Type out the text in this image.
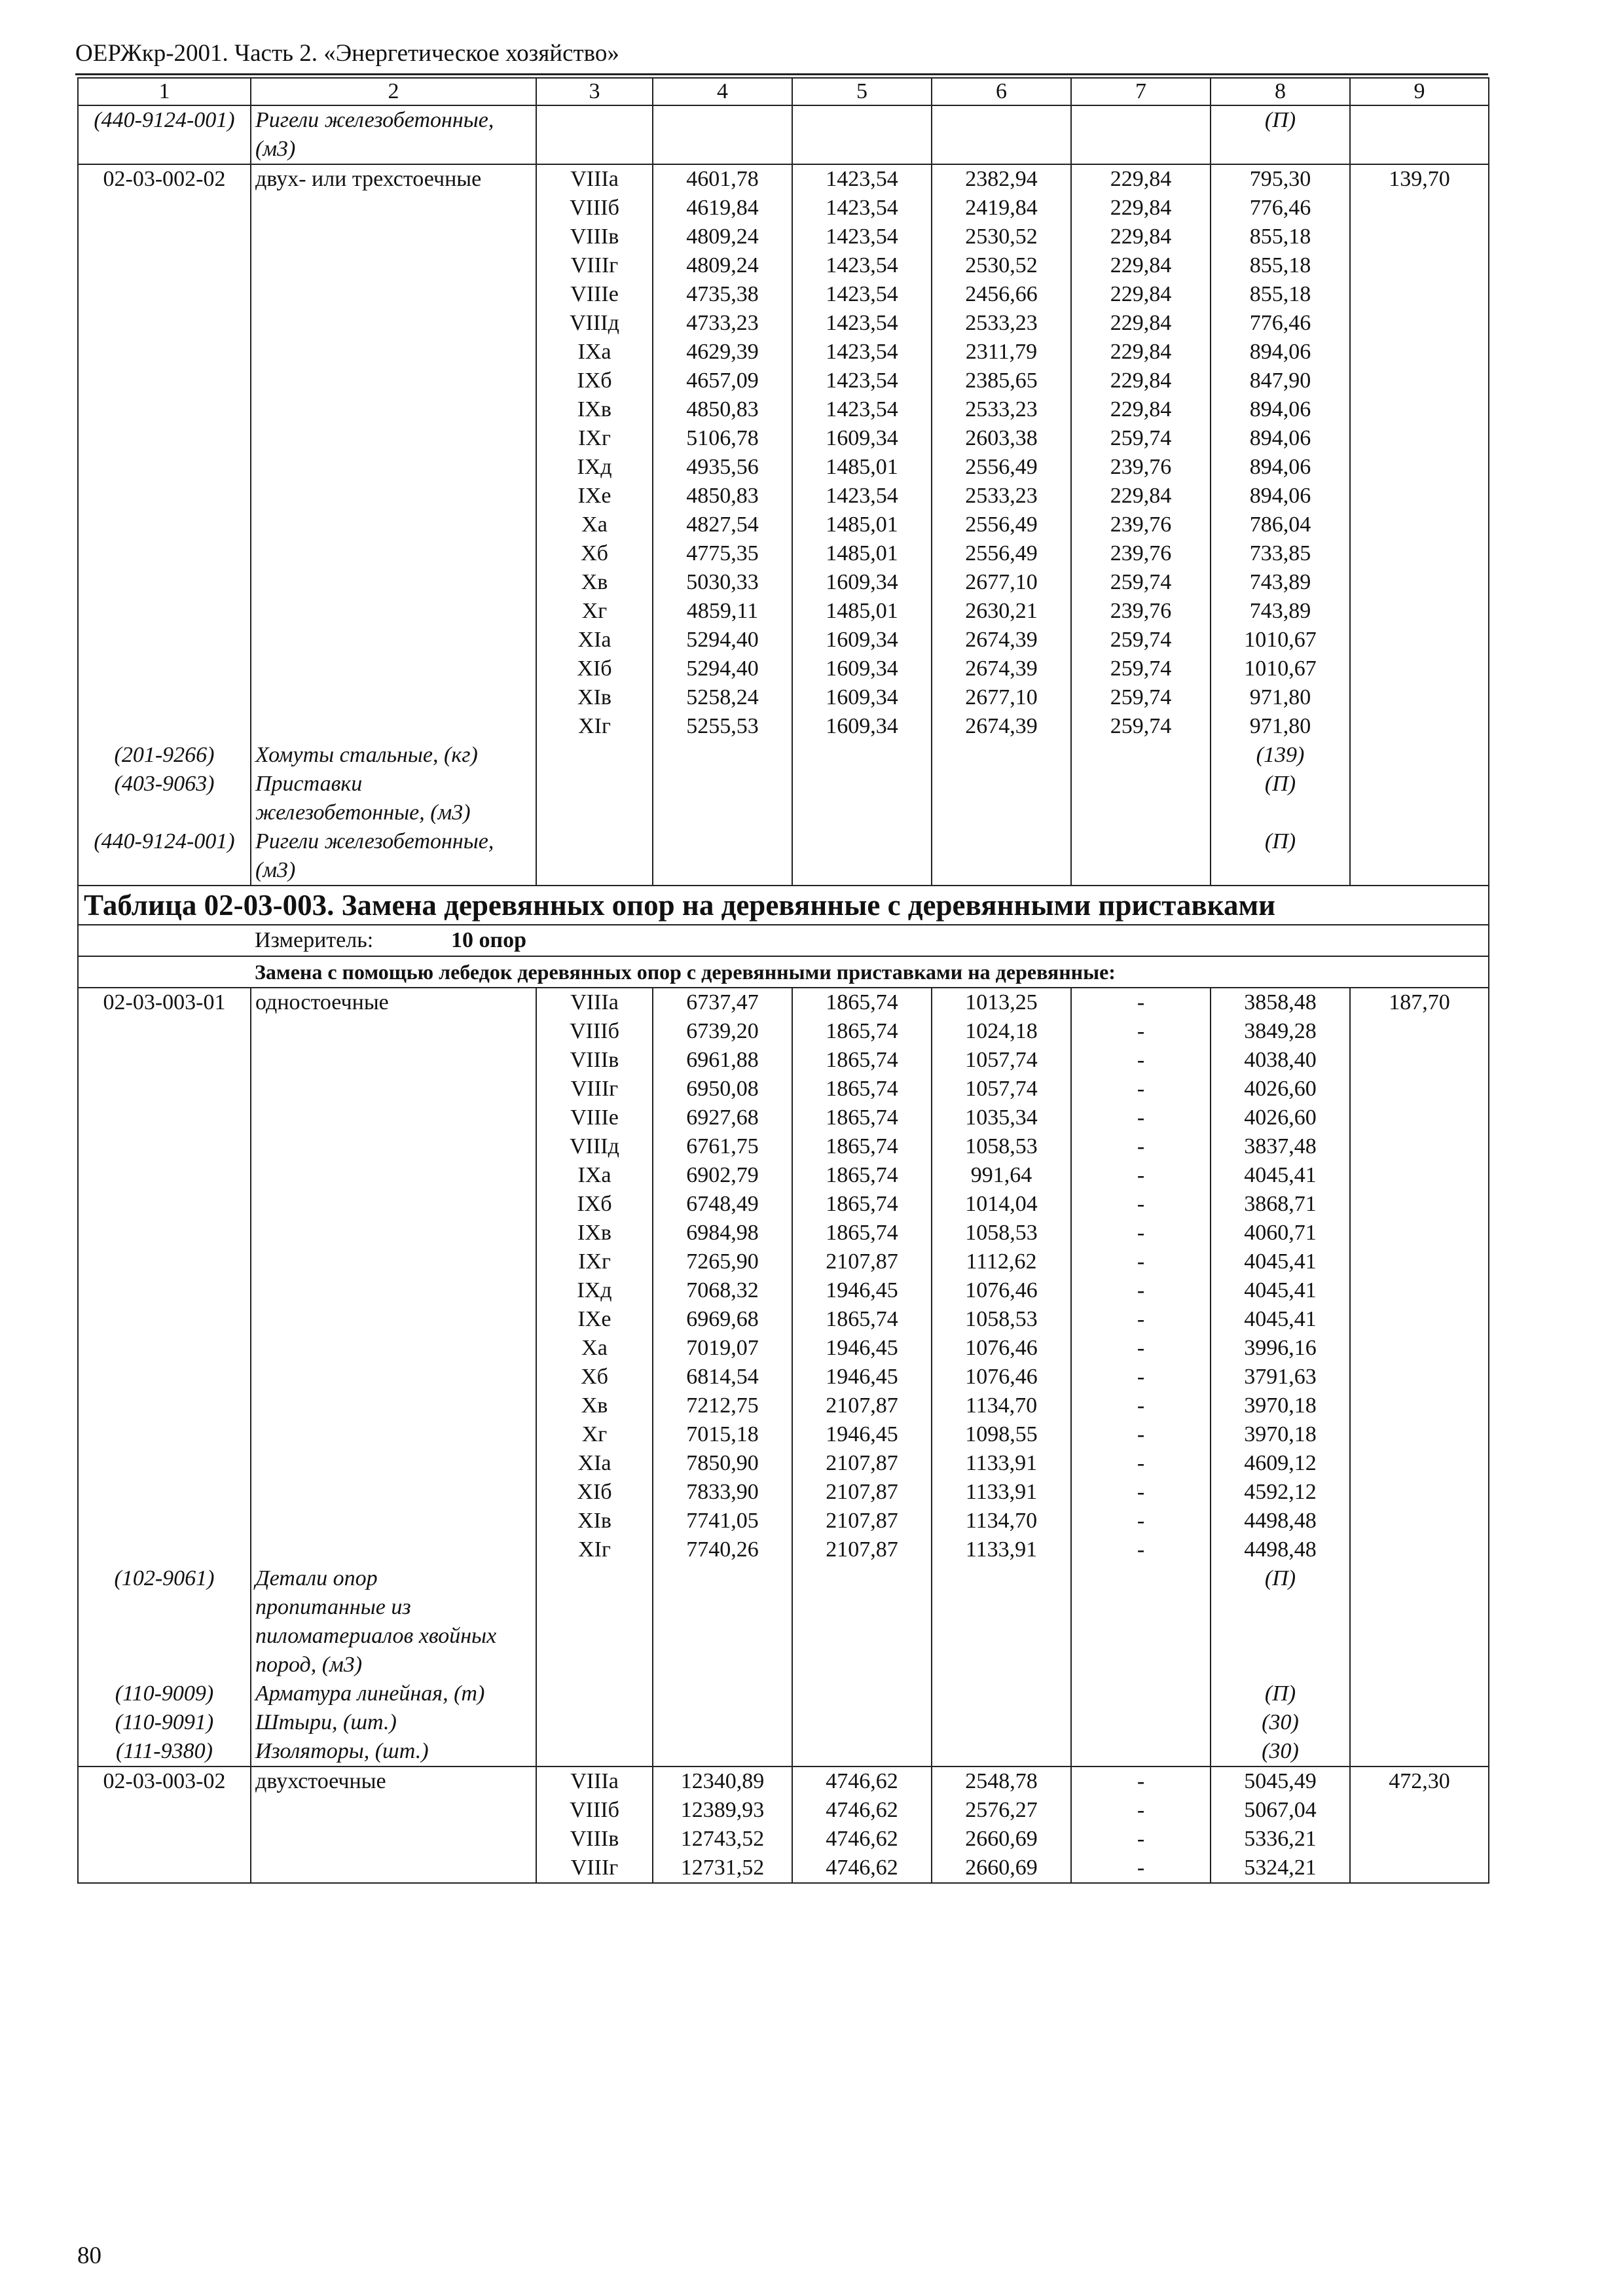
ОЕРЖкр-2001. Часть 2. «Энергетическое хозяйство»
1	2	3	4	5	6	7	8	9
(440-9124-001)	Ригели железобетонные,
(м3)						(П)	
02-03-002-02	двух- или трехстоечные	VIIIа	4601,78	1423,54	2382,94	229,84	795,30	139,70
		VIIIб	4619,84	1423,54	2419,84	229,84	776,46	
		VIIIв	4809,24	1423,54	2530,52	229,84	855,18	
		VIIIг	4809,24	1423,54	2530,52	229,84	855,18	
		VIIIе	4735,38	1423,54	2456,66	229,84	855,18	
		VIIIд	4733,23	1423,54	2533,23	229,84	776,46	
		IXа	4629,39	1423,54	2311,79	229,84	894,06	
		IXб	4657,09	1423,54	2385,65	229,84	847,90	
		IXв	4850,83	1423,54	2533,23	229,84	894,06	
		IXг	5106,78	1609,34	2603,38	259,74	894,06	
		IXд	4935,56	1485,01	2556,49	239,76	894,06	
		IXе	4850,83	1423,54	2533,23	229,84	894,06	
		Xа	4827,54	1485,01	2556,49	239,76	786,04	
		Xб	4775,35	1485,01	2556,49	239,76	733,85	
		Xв	5030,33	1609,34	2677,10	259,74	743,89	
		Xг	4859,11	1485,01	2630,21	239,76	743,89	
		XIа	5294,40	1609,34	2674,39	259,74	1010,67	
		XIб	5294,40	1609,34	2674,39	259,74	1010,67	
		XIв	5258,24	1609,34	2677,10	259,74	971,80	
		XIг	5255,53	1609,34	2674,39	259,74	971,80	
(201-9266)	Хомуты стальные, (кг)						(139)	
(403-9063)	Приставки
железобетонные, (м3)						(П)	
(440-9124-001)	Ригели железобетонные,
(м3)						(П)	
Таблица 02-03-003. Замена деревянных опор на деревянные с деревянными приставками								
	Измеритель: 10 опор							
	Замена с помощью лебедок деревянных опор с деревянными приставками на деревянные:							
02-03-003-01	одностоечные	VIIIа	6737,47	1865,74	1013,25	-	3858,48	187,70
		VIIIб	6739,20	1865,74	1024,18	-	3849,28	
		VIIIв	6961,88	1865,74	1057,74	-	4038,40	
		VIIIг	6950,08	1865,74	1057,74	-	4026,60	
		VIIIе	6927,68	1865,74	1035,34	-	4026,60	
		VIIIд	6761,75	1865,74	1058,53	-	3837,48	
		IXа	6902,79	1865,74	991,64	-	4045,41	
		IXб	6748,49	1865,74	1014,04	-	3868,71	
		IXв	6984,98	1865,74	1058,53	-	4060,71	
		IXг	7265,90	2107,87	1112,62	-	4045,41	
		IXд	7068,32	1946,45	1076,46	-	4045,41	
		IXе	6969,68	1865,74	1058,53	-	4045,41	
		Xа	7019,07	1946,45	1076,46	-	3996,16	
		Xб	6814,54	1946,45	1076,46	-	3791,63	
		Xв	7212,75	2107,87	1134,70	-	3970,18	
		Xг	7015,18	1946,45	1098,55	-	3970,18	
		XIа	7850,90	2107,87	1133,91	-	4609,12	
		XIб	7833,90	2107,87	1133,91	-	4592,12	
		XIв	7741,05	2107,87	1134,70	-	4498,48	
		XIг	7740,26	2107,87	1133,91	-	4498,48	
(102-9061)	Детали опор
пропитанные из
пиломатериалов хвойных
пород, (м3)						(П)	
(110-9009)	Арматура линейная, (т)						(П)	
(110-9091)	Штыри, (шт.)						(30)	
(111-9380)	Изоляторы, (шт.)						(30)	
02-03-003-02	двухстоечные	VIIIа	12340,89	4746,62	2548,78	-	5045,49	472,30
		VIIIб	12389,93	4746,62	2576,27	-	5067,04	
		VIIIв	12743,52	4746,62	2660,69	-	5336,21	
		VIIIг	12731,52	4746,62	2660,69	-	5324,21	
80
